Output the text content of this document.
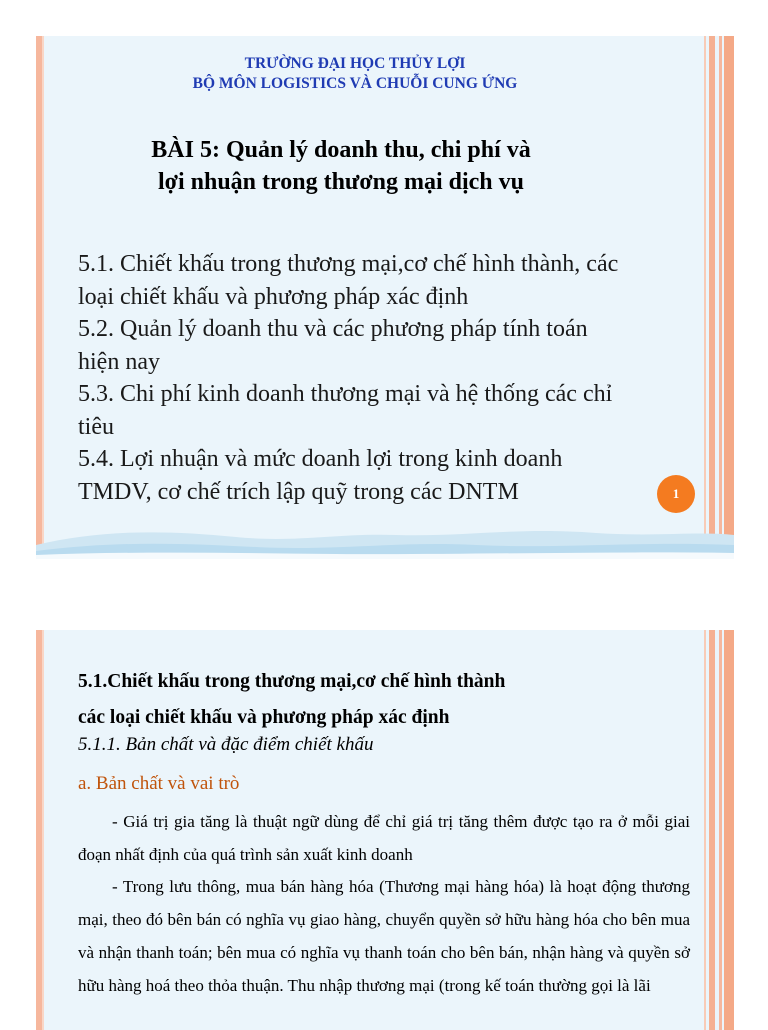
TRƯỜNG ĐẠI HỌC THỦY LỢI
BỘ MÔN LOGISTICS VÀ CHUỖI CUNG ỨNG
BÀI 5: Quản lý doanh thu, chi phí và
lợi nhuận trong thương mại dịch vụ
5.1. Chiết khấu trong thương mại,cơ chế hình thành, các
loại chiết khấu và phương pháp xác định
5.2. Quản lý doanh thu và các phương pháp tính toán
hiện nay
5.3. Chi phí kinh doanh thương mại và hệ thống các chỉ
tiêu
5.4. Lợi nhuận và mức doanh lợi trong kinh doanh
TMDV, cơ chế trích lập quỹ trong các DNTM	1
5.1.Chiết khấu trong thương mại,cơ chế hình thành
các loại chiết khấu và phương pháp xác định
5.1.1. Bản chất và đặc điểm chiết khấu
a. Bản chất và vai trò

- Giá trị gia tăng là thuật ngữ dùng để chỉ giá trị tăng thêm được tạo ra ở mỗi giai đoạn nhất định của quá trình sản xuất kinh doanh

- Trong lưu thông, mua bán hàng hóa (Thương mại hàng hóa) là hoạt động thương mại, theo đó bên bán có nghĩa vụ giao hàng, chuyển quyền sở hữu hàng hóa cho bên mua và nhận thanh toán; bên mua có nghĩa vụ thanh toán cho bên bán, nhận hàng và quyền sở hữu hàng hoá theo thỏa thuận. Thu nhập thương mại (trong kế toán thường gọi là lãi
